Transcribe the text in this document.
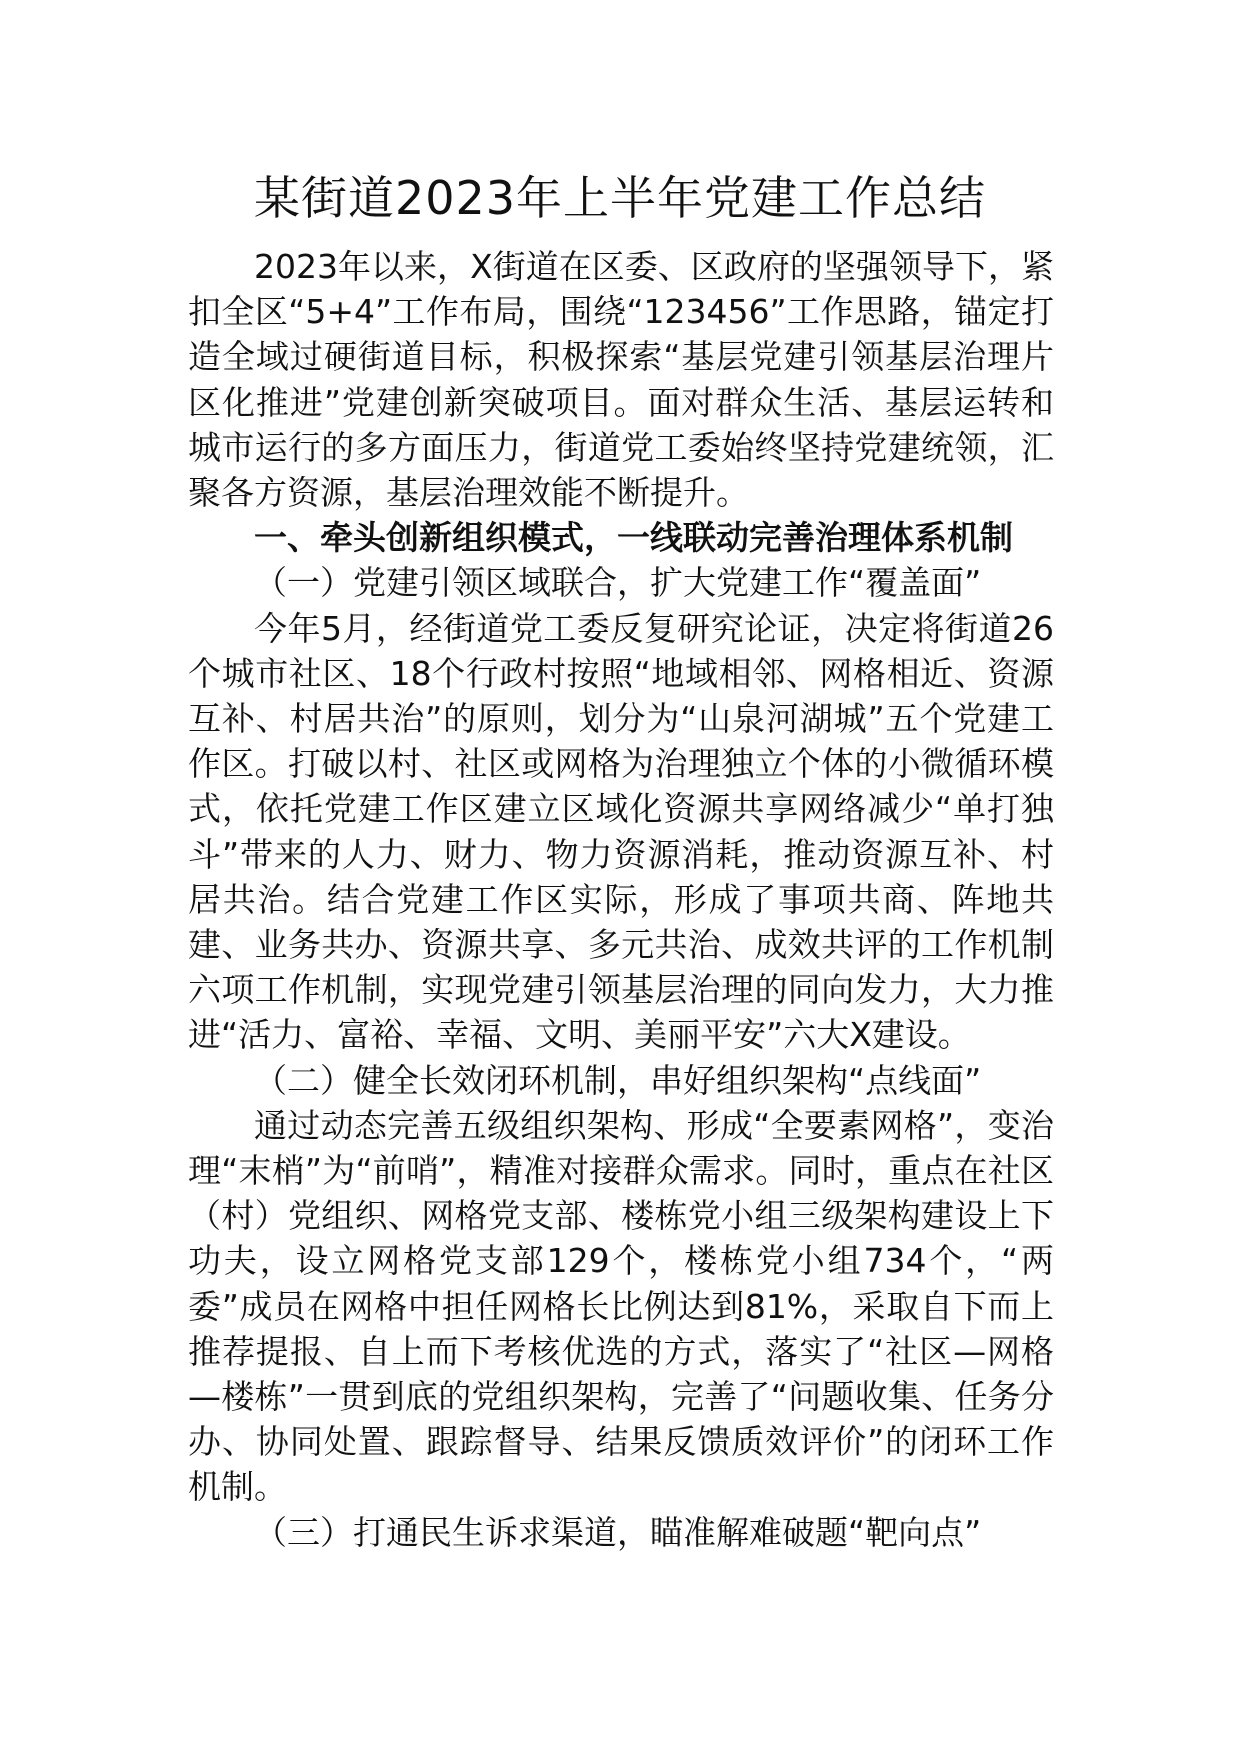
某街道2023年上半年党建工作总结

2023年以来，X街道在区委、区政府的坚强领导下，紧扣全区“5+4”工作布局，围绕“123456”工作思路，锚定打造全域过硬街道目标，积极探索“基层党建引领基层治理片区化推进”党建创新突破项目。面对群众生活、基层运转和城市运行的多方面压力，街道党工委始终坚持党建统领，汇聚各方资源，基层治理效能不断提升。

一、牵头创新组织模式，一线联动完善治理体系机制

（一）党建引领区域联合，扩大党建工作“覆盖面”

今年5月，经街道党工委反复研究论证，决定将街道26个城市社区、18个行政村按照“地域相邻、网格相近、资源互补、村居共治”的原则，划分为“山泉河湖城”五个党建工作区。打破以村、社区或网格为治理独立个体的小微循环模式，依托党建工作区建立区域化资源共享网络减少“单打独斗”带来的人力、财力、物力资源消耗，推动资源互补、村居共治。结合党建工作区实际，形成了事项共商、阵地共建、业务共办、资源共享、多元共治、成效共评的工作机制六项工作机制，实现党建引领基层治理的同向发力，大力推进“活力、富裕、幸福、文明、美丽平安”六大X建设。

（二）健全长效闭环机制，串好组织架构“点线面”

通过动态完善五级组织架构、形成“全要素网格”，变治理“末梢”为“前哨”，精准对接群众需求。同时，重点在社区（村）党组织、网格党支部、楼栋党小组三级架构建设上下功夫，设立网格党支部129个，楼栋党小组734个，“两委”成员在网格中担任网格长比例达到81%，采取自下而上推荐提报、自上而下考核优选的方式，落实了“社区—网格—楼栋”一贯到底的党组织架构，完善了“问题收集、任务分办、协同处置、跟踪督导、结果反馈质效评价”的闭环工作机制。

（三）打通民生诉求渠道，瞄准解难破题“靶向点”
